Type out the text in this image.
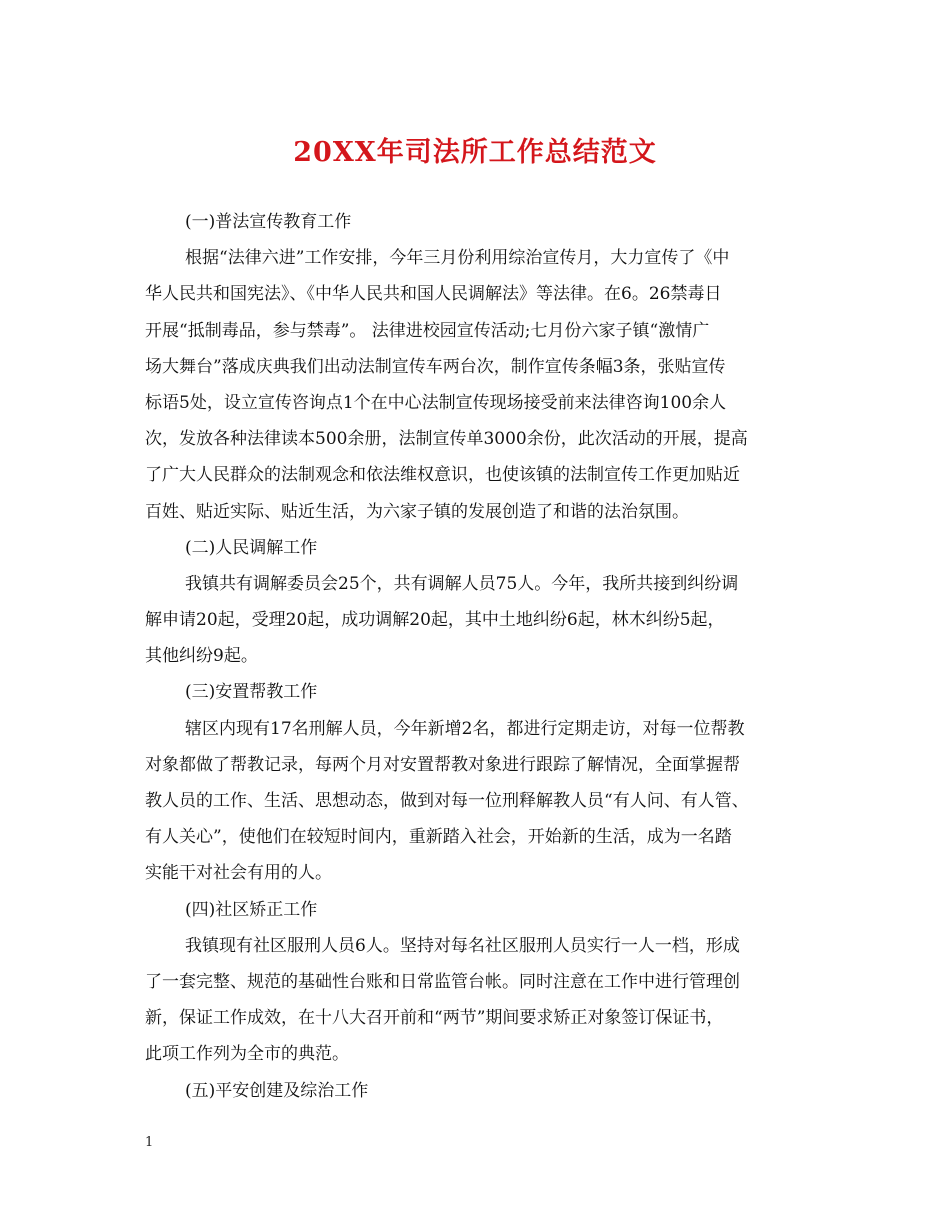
20XX年司法所工作总结范文
(一)普法宣传教育工作
根据“法律六进”工作安排，今年三月份利用综治宣传月，大力宣传了《中
华人民共和国宪法》、《中华人民共和国人民调解法》等法律。在6。26禁毒日
开展“抵制毒品，参与禁毒”。 法律进校园宣传活动;七月份六家子镇“激情广
场大舞台”落成庆典我们出动法制宣传车两台次，制作宣传条幅3条，张贴宣传
标语5处，设立宣传咨询点1个在中心法制宣传现场接受前来法律咨询100余人
次，发放各种法律读本500余册，法制宣传单3000余份，此次活动的开展，提高
了广大人民群众的法制观念和依法维权意识，也使该镇的法制宣传工作更加贴近
百姓、贴近实际、贴近生活，为六家子镇的发展创造了和谐的法治氛围。
(二)人民调解工作
我镇共有调解委员会25个，共有调解人员75人。今年，我所共接到纠纷调
解申请20起，受理20起，成功调解20起，其中土地纠纷6起，林木纠纷5起，
其他纠纷9起。
(三)安置帮教工作
辖区内现有17名刑解人员，今年新增2名，都进行定期走访，对每一位帮教
对象都做了帮教记录，每两个月对安置帮教对象进行跟踪了解情况，全面掌握帮
教人员的工作、生活、思想动态，做到对每一位刑释解教人员“有人问、有人管、
有人关心”，使他们在较短时间内，重新踏入社会，开始新的生活，成为一名踏
实能干对社会有用的人。
(四)社区矫正工作
我镇现有社区服刑人员6人。坚持对每名社区服刑人员实行一人一档，形成
了一套完整、规范的基础性台账和日常监管台帐。同时注意在工作中进行管理创
新，保证工作成效，在十八大召开前和“两节”期间要求矫正对象签订保证书，
此项工作列为全市的典范。
(五)平安创建及综治工作
1
